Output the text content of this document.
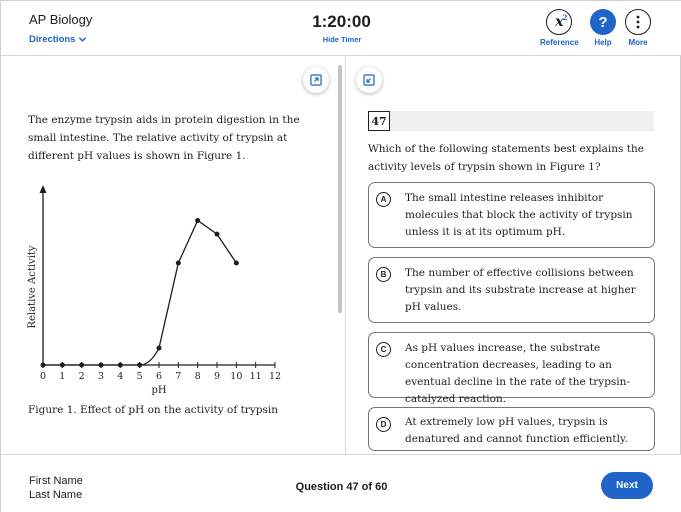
AP Biology
Directions
1:20:00
Hide Timer
x
2
Reference
?
Help More
The enzyme trypsin aids in protein digestion in the small intestine. The relative activity of trypsin at different pH values is shown in Figure 1.
0 1 2 3 4 5 6 7 8 9 10 11 12
pH
Relative Activity
Figure 1. Effect of pH on the activity of trypsin
47
Which of the following statements best explains the activity levels of trypsin shown in Figure 1?
A	The small intestine releases inhibitor molecules that block the activity of trypsin unless it is at its optimum pH.
B	The number of effective collisions between trypsin and its substrate increase at higher pH values.
C	As pH values increase, the substrate concentration decreases, leading to an eventual decline in the rate of the trypsin-catalyzed reaction.
D	At extremely low pH values, trypsin is denatured and cannot function efficiently.
First Name
Last Name
Question 47 of 60	Next
